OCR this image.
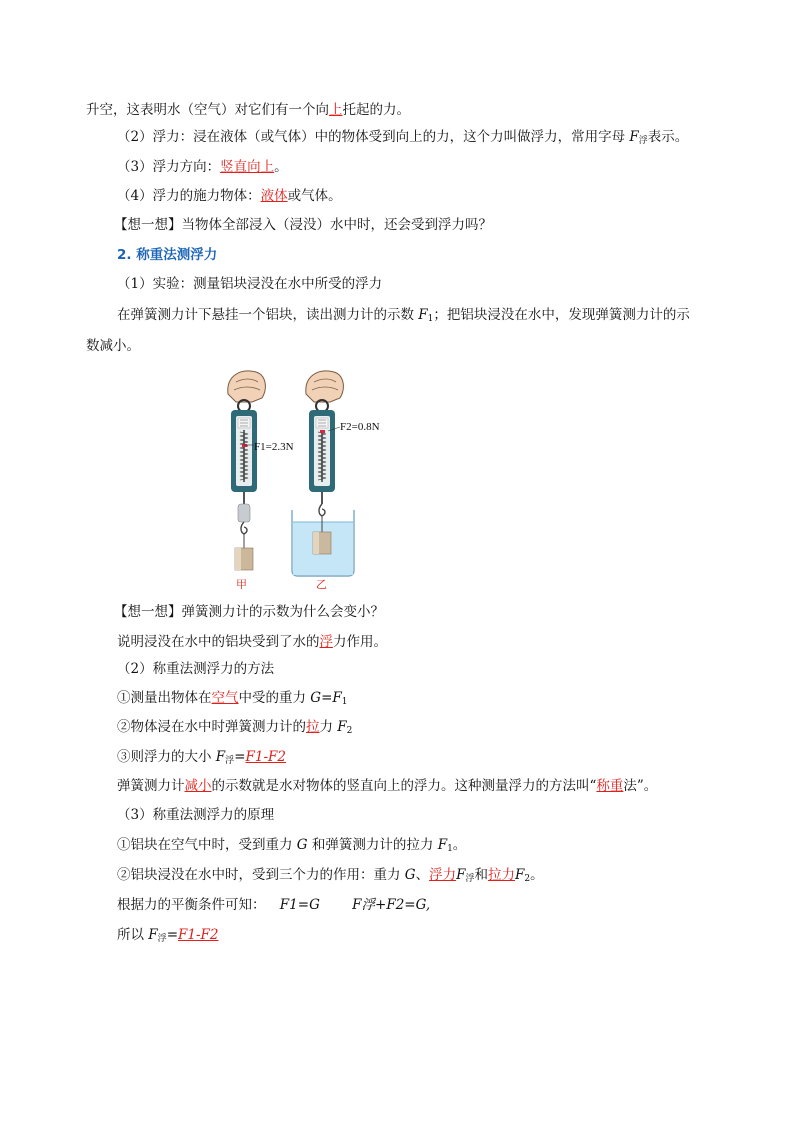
升空，这表明水（空气）对它们有一个向上托起的力。
（2）浮力：浸在液体（或气体）中的物体受到向上的力，这个力叫做浮力，常用字母 $F_浮$表示。
（3）浮力方向：竖直向上。
（4）浮力的施力物体：液体或气体。
【想一想】当物体全部浸入（浸没）水中时，还会受到浮力吗？
2. 称重法测浮力
（1）实验：测量铝块浸没在水中所受的浮力
在弹簧测力计下悬挂一个铝块，读出测力计的示数 $F_1$；把铝块浸没在水中，发现弹簧测力计的示
数减小。
F1=2.3N
F2=0.8N
甲	乙
【想一想】弹簧测力计的示数为什么会变小？
说明浸没在水中的铝块受到了水的浮力作用。
（2）称重法测浮力的方法
①测量出物体在空气中受的重力 $G=F_1$
②物体浸在水中时弹簧测力计的拉力 $F_2$
③则浮力的大小 $F_浮=F1-F2$
弹簧测力计减小的示数就是水对物体的竖直向上的浮力。这种测量浮力的方法叫“称重法”。
（3）称重法测浮力的原理
①铝块在空气中时，受到重力 G 和弹簧测力计的拉力 $F_1$。
②铝块浸没在水中时，受到三个力的作用：重力 G、浮力$F_浮$和拉力$F_2$。
根据力的平衡条件可知： F1=G F浮+F2=G,
所以 $F_浮=F1-F2$
